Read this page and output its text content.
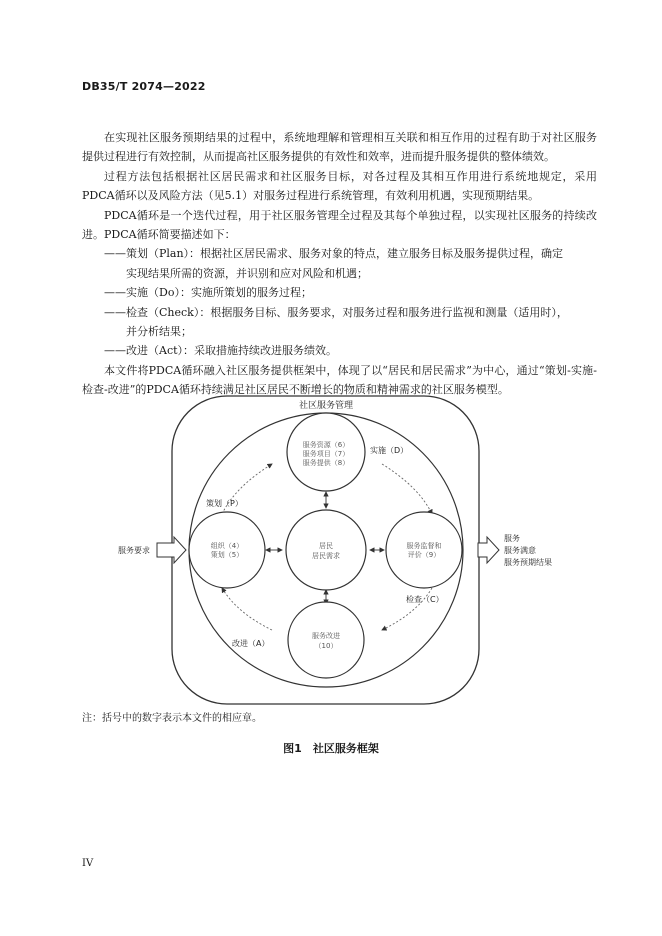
DB35/T 2074—2022

在实现社区服务预期结果的过程中，系统地理解和管理相互关联和相互作用的过程有助于对社区服务提供过程进行有效控制，从而提高社区服务提供的有效性和效率，进而提升服务提供的整体绩效。

过程方法包括根据社区居民需求和社区服务目标，对各过程及其相互作用进行系统地规定，采用PDCA循环以及风险方法（见5.1）对服务过程进行系统管理，有效利用机遇，实现预期结果。

PDCA循环是一个迭代过程，用于社区服务管理全过程及其每个单独过程，以实现社区服务的持续改进。PDCA循环简要描述如下：

——策划（Plan）：根据社区居民需求、服务对象的特点，建立服务目标及服务提供过程，确定

实现结果所需的资源，并识别和应对风险和机遇；

——实施（Do）：实施所策划的服务过程；

——检查（Check）：根据服务目标、服务要求，对服务过程和服务进行监视和测量（适用时），

并分析结果；

——改进（Act）：采取措施持续改进服务绩效。

本文件将PDCA循环融入社区服务提供框架中，体现了以“居民和居民需求”为中心，通过“策划-实施-检查-改进”的PDCA循环持续满足社区居民不断增长的物质和精神需求的社区服务模型。

社区服务管理
服务资源（6）
服务项目（7）
服务提供（8）
组织（4）
策划（5）
居民
居民需求
服务监督和
评价（9）
服务改进
（10）
实施（D）
策划（P）
检查（C）
改进（A）
服务要求
服务
服务满意
服务预期结果
注：括号中的数字表示本文件的相应章。
图1　社区服务框架
IV
